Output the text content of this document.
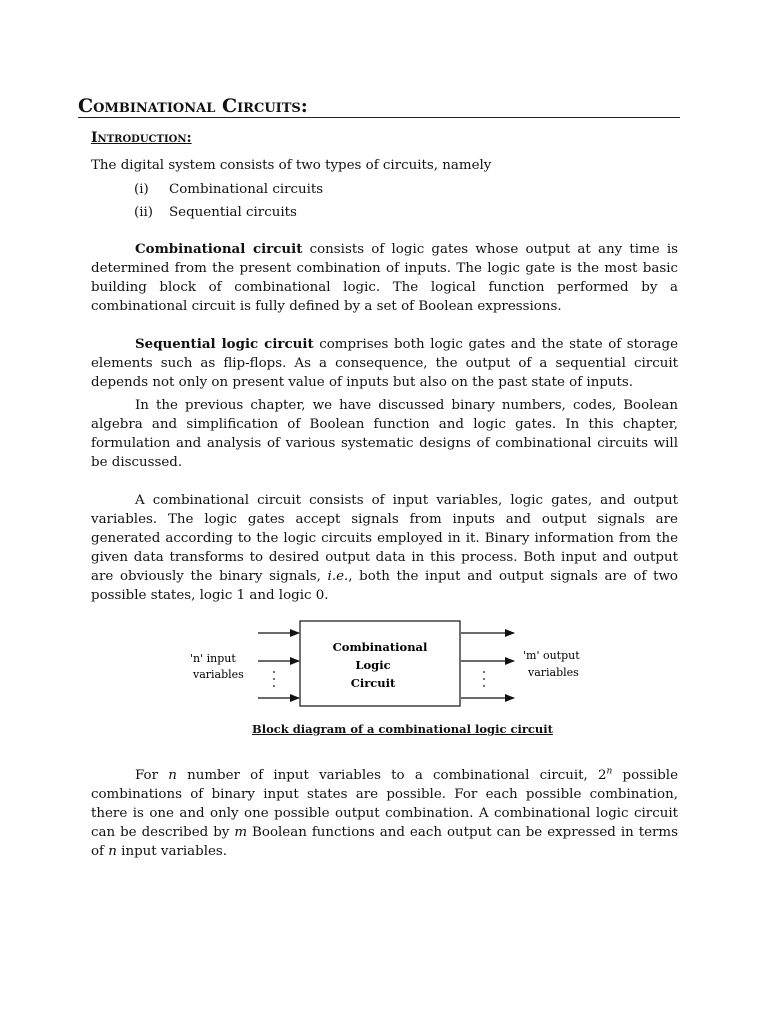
Combinational Circuits:
Introduction:
The digital system consists of two types of circuits, namely
(i) Combinational circuits
(ii) Sequential circuits

Combinational circuit consists of logic gates whose output at any time is determined from the present combination of inputs. The logic gate is the most basic building block of combinational logic. The logical function performed by a combinational circuit is fully defined by a set of Boolean expressions.

Sequential logic circuit comprises both logic gates and the state of storage elements such as flip-flops. As a consequence, the output of a sequential circuit depends not only on present value of inputs but also on the past state of inputs.

In the previous chapter, we have discussed binary numbers, codes, Boolean algebra and simplification of Boolean function and logic gates. In this chapter, formulation and analysis of various systematic designs of combinational circuits will be discussed.

A combinational circuit consists of input variables, logic gates, and output variables. The logic gates accept signals from inputs and output signals are generated according to the logic circuits employed in it. Binary information from the given data transforms to desired output data in this process. Both input and output are obviously the binary signals, i.e., both the input and output signals are of two possible states, logic 1 and logic 0.

Combinational
Logic
Circuit
'n' input
variables
'm' output
variables
Block diagram of a combinational logic circuit

For n number of input variables to a combinational circuit, 2$^n$ possible combinations of binary input states are possible. For each possible combination, there is one and only one possible output combination. A combinational logic circuit can be described by m Boolean functions and each output can be expressed in terms of n input variables.
